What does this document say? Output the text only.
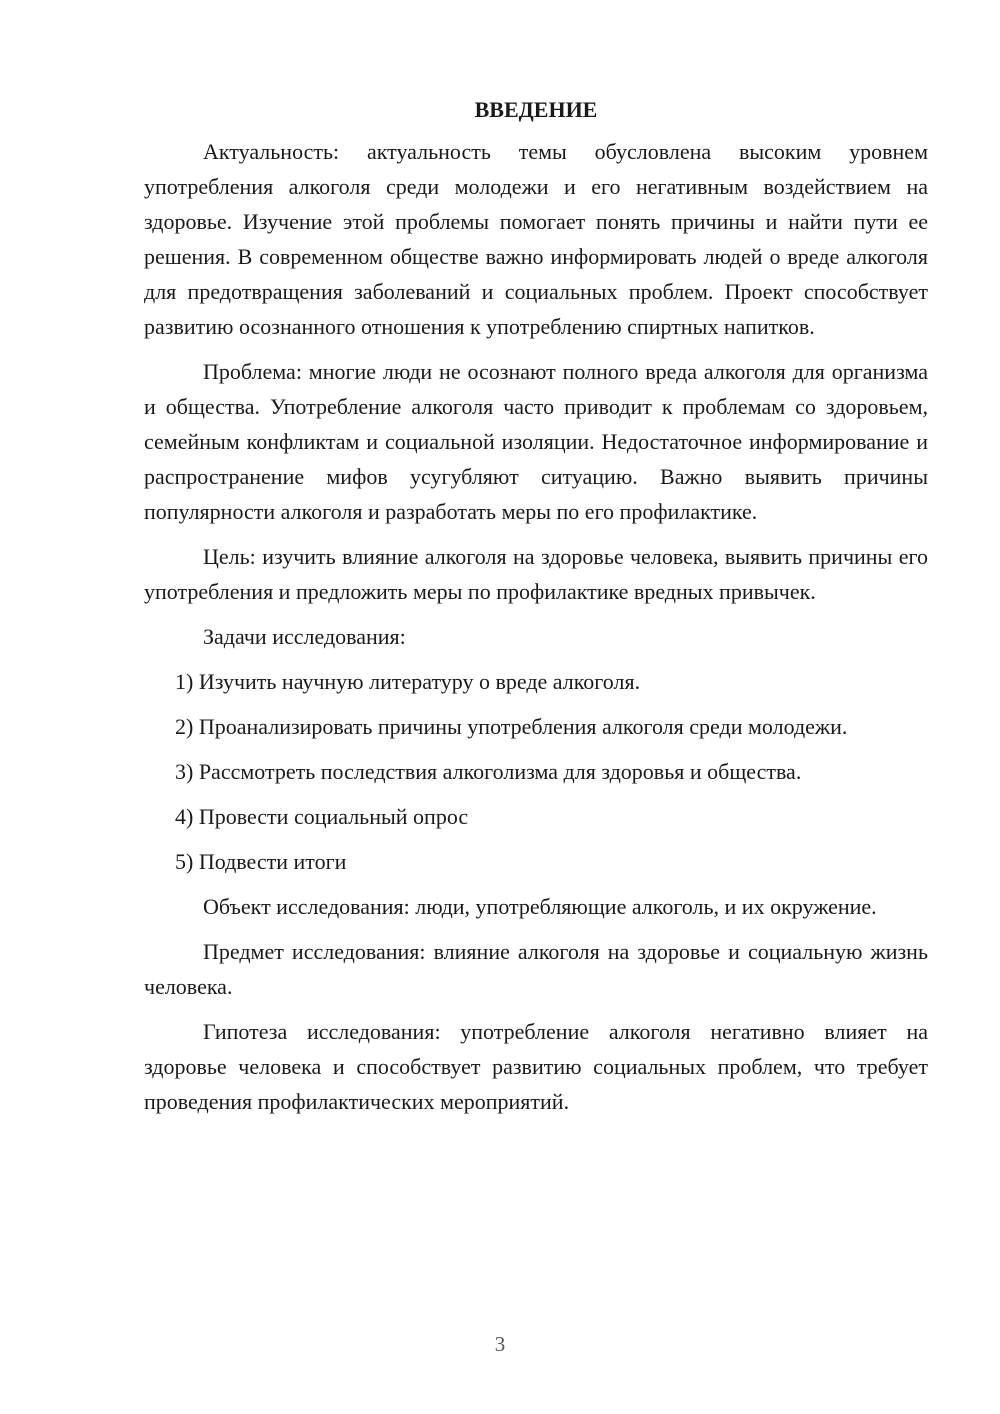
ВВЕДЕНИЕ

Актуальность: актуальность темы обусловлена высоким уровнем употребления алкоголя среди молодежи и его негативным воздействием на здоровье. Изучение этой проблемы помогает понять причины и найти пути ее решения. В современном обществе важно информировать людей о вреде алкоголя для предотвращения заболеваний и социальных проблем. Проект способствует развитию осознанного отношения к употреблению спиртных напитков.

Проблема: многие люди не осознают полного вреда алкоголя для организма и общества. Употребление алкоголя часто приводит к проблемам со здоровьем, семейным конфликтам и социальной изоляции. Недостаточное информирование и распространение мифов усугубляют ситуацию. Важно выявить причины популярности алкоголя и разработать меры по его профилактике.

Цель: изучить влияние алкоголя на здоровье человека, выявить причины его употребления и предложить меры по профилактике вредных привычек.

Задачи исследования:

1) Изучить научную литературу о вреде алкоголя.

2) Проанализировать причины употребления алкоголя среди молодежи.

3) Рассмотреть последствия алкоголизма для здоровья и общества.

4) Провести социальный опрос

5) Подвести итоги

Объект исследования: люди, употребляющие алкоголь, и их окружение.

Предмет исследования: влияние алкоголя на здоровье и социальную жизнь человека.

Гипотеза исследования: употребление алкоголя негативно влияет на здоровье человека и способствует развитию социальных проблем, что требует проведения профилактических мероприятий.

3
